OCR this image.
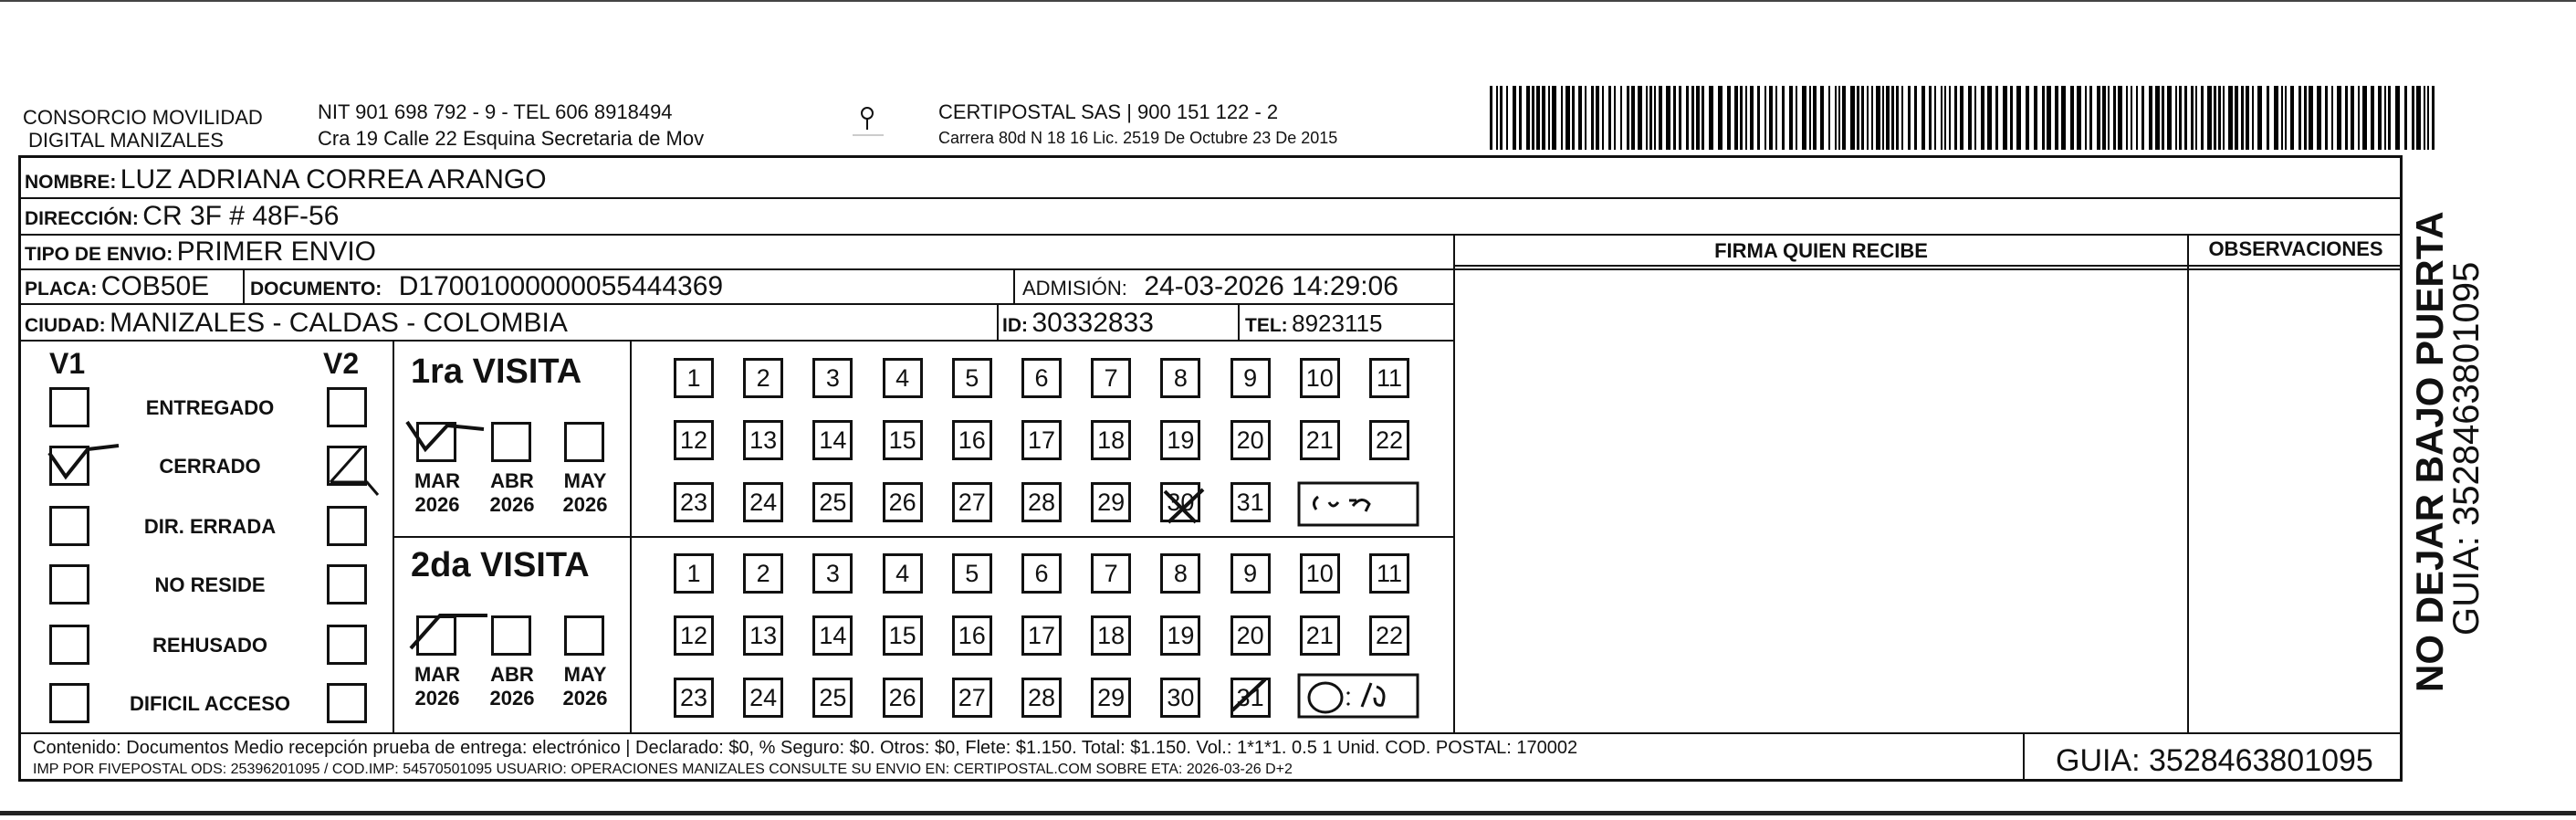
CONSORCIO MOVILIDAD
DIGITAL MANIZALES
NIT 901 698 792 - 9 - TEL 606 8918494
Cra 19 Calle 22 Esquina Secretaria de Mov
CERTIPOSTAL SAS | 900 151 122 - 2
Carrera 80d N 18 16 Lic. 2519 De Octubre 23 De 2015
NOMBRE: LUZ ADRIANA CORREA ARANGO
DIRECCIÓN: CR 3F # 48F-56
TIPO DE ENVIO: PRIMER ENVIO
PLACA: COB50E DOCUMENTO: D17001000000055444369	ADMISIÓN: 24-03-2026 14:29:06
CIUDAD: MANIZALES - CALDAS - COLOMBIA	ID: 30332833	TEL: 8923115
FIRMA QUIEN RECIBE	OBSERVACIONES
V1	V2
ENTREGADO
CERRADO
DIR. ERRADA
NO RESIDE
REHUSADO
DIFICIL ACCESO
1ra VISITA
2da VISITA
MAR
2026
ABR
2026
MAY
2026
MAR
2026
ABR
2026
MAY
2026
1	2	3	4	5	6	7	8	9	10 11
12 13 14 15 16 17 18 19 20 21 22
23 24 25 26 27 28 29 30 31
1	2	3	4	5	6	7	8	9	10 11
12 13 14 15 16 17 18 19 20 21 22
23 24 25 26 27 28 29 30 31
Contenido: Documentos Medio recepción prueba de entrega: electrónico | Declarado: $0, % Seguro: $0. Otros: $0, Flete: $1.150. Total: $1.150. Vol.: 1*1*1. 0.5 1 Unid. COD. POSTAL: 170002
IMP POR FIVEPOSTAL ODS: 25396201095 / COD.IMP: 54570501095 USUARIO: OPERACIONES MANIZALES CONSULTE SU ENVIO EN: CERTIPOSTAL.COM SOBRE ETA: 2026-03-26 D+2	GUIA: 3528463801095
NO DEJAR BAJO PUERTA
GUIA: 3528463801095
